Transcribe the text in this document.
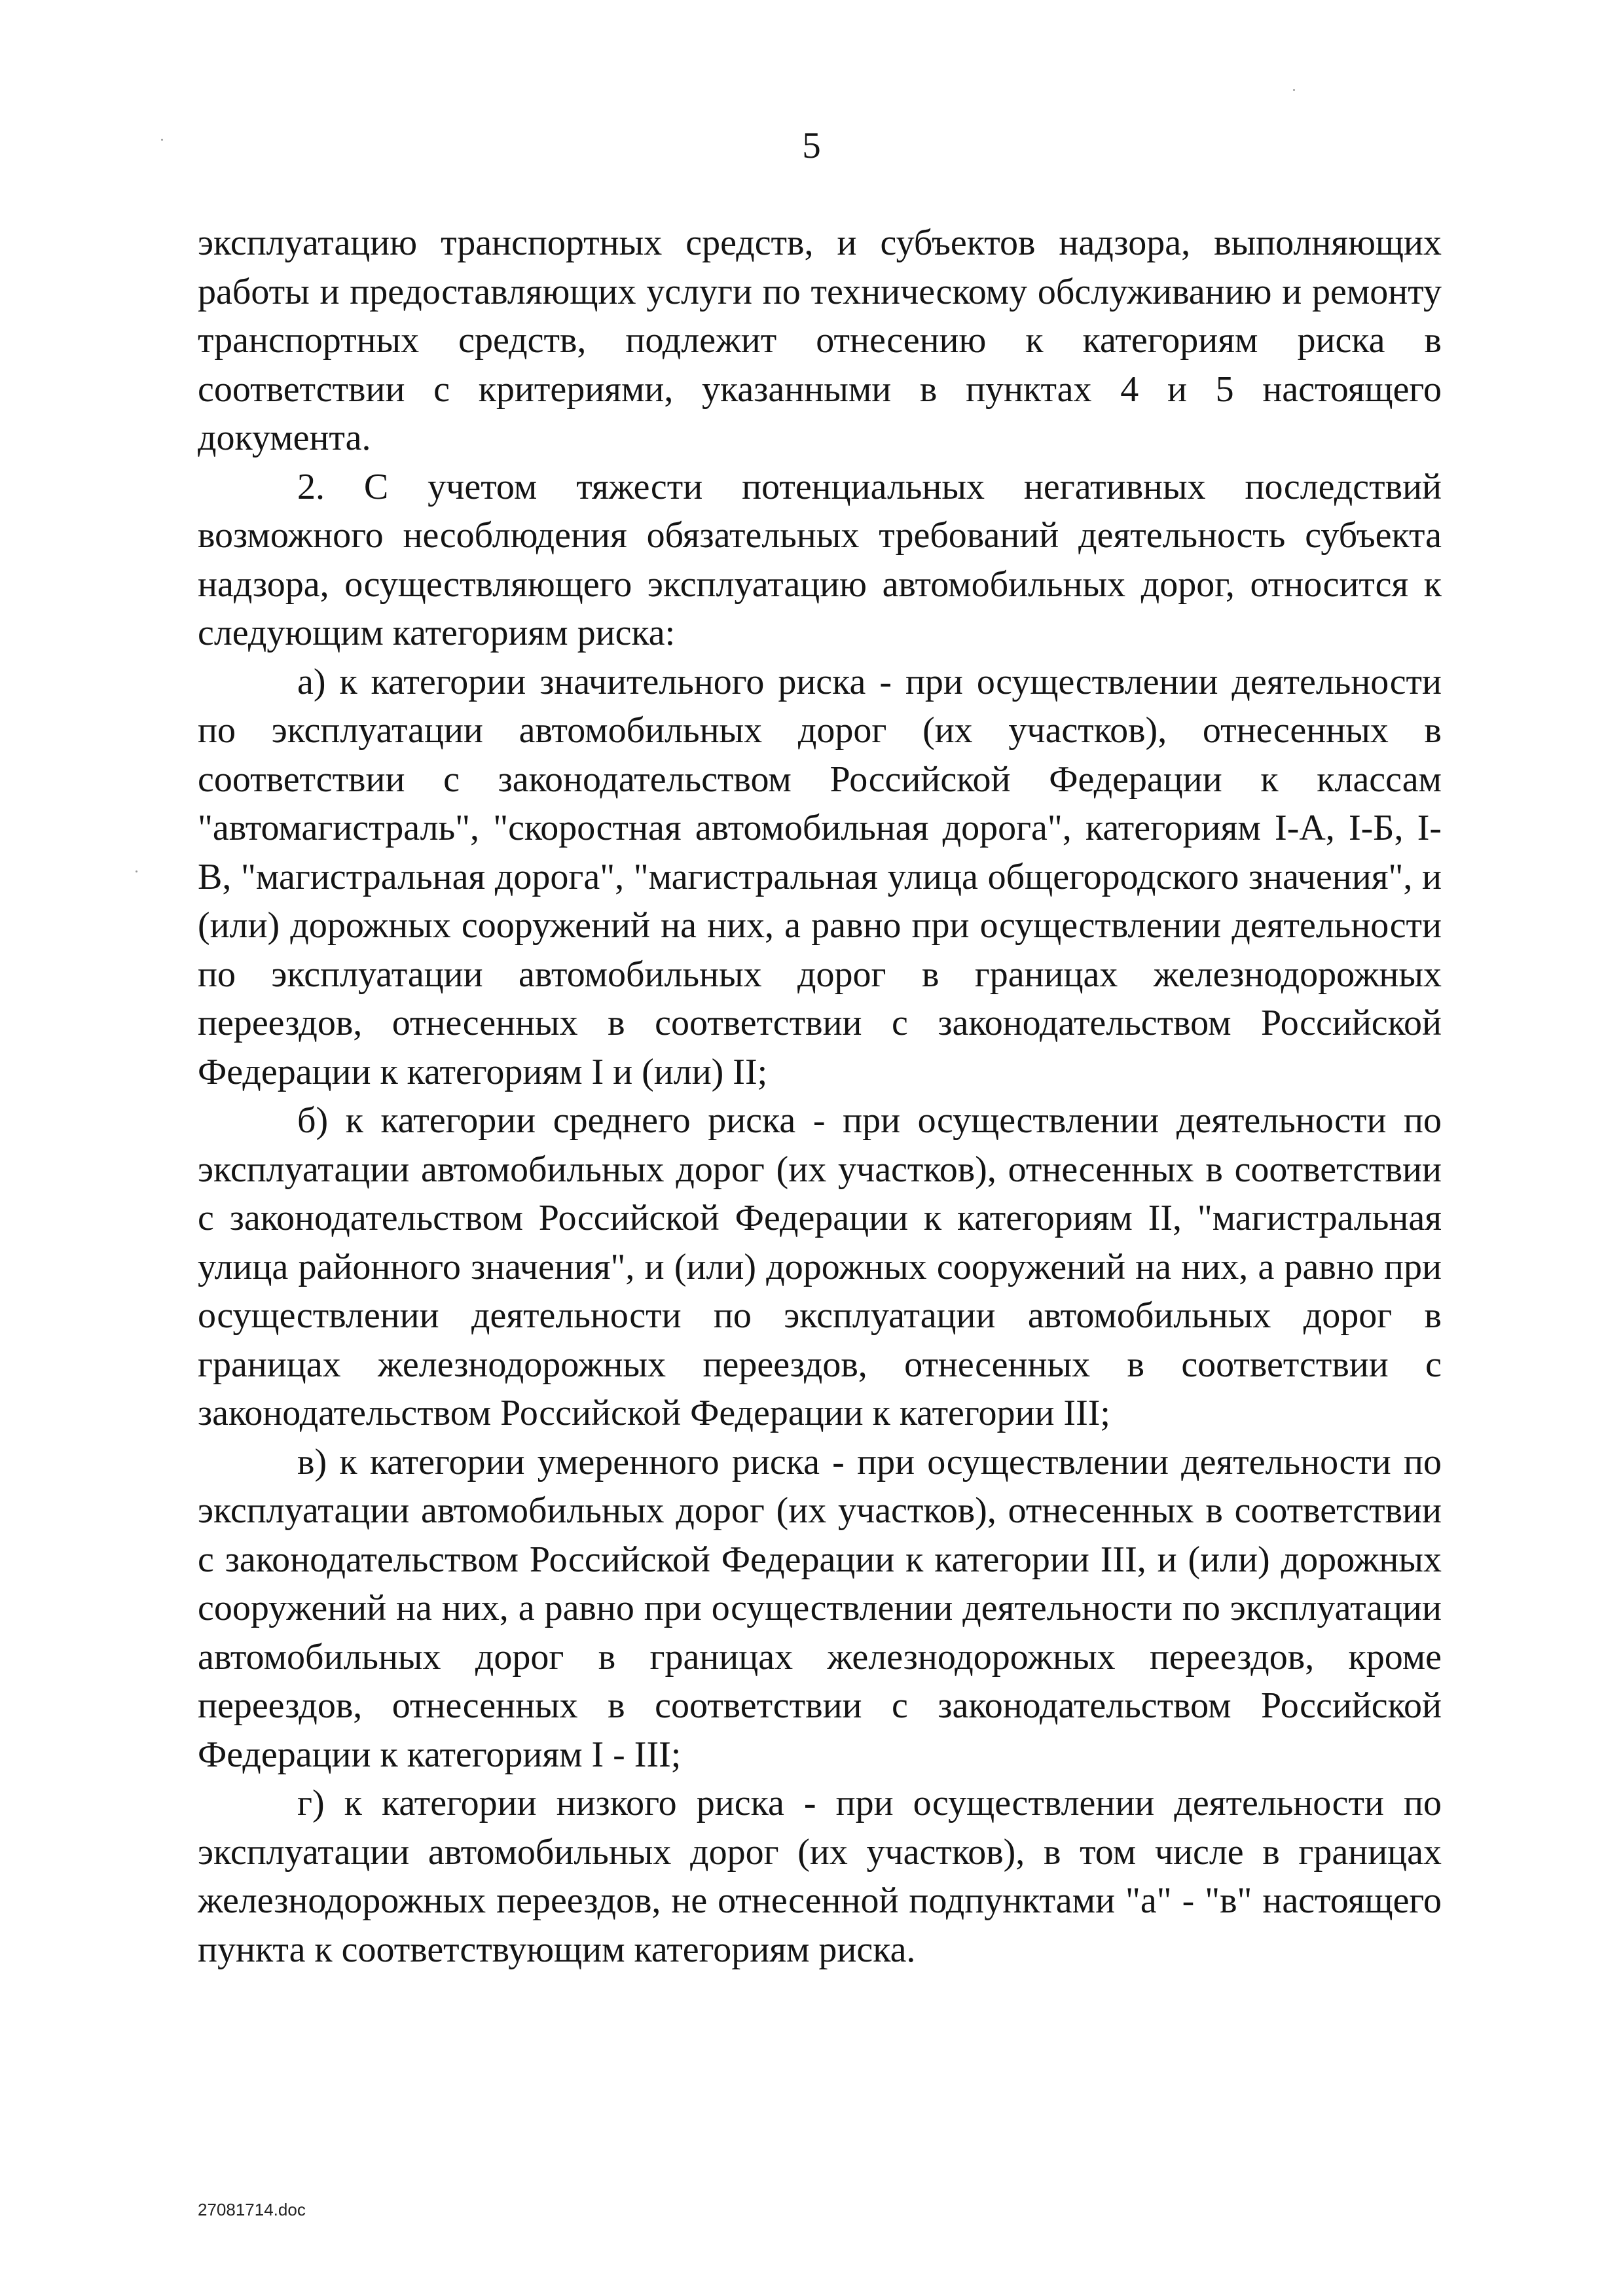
5

эксплуатацию транспортных средств, и субъектов надзора, выполняющих работы и предоставляющих услуги по техническому обслуживанию и ремонту транспортных средств, подлежит отнесению к категориям риска в соответствии с критериями, указанными в пунктах 4 и 5 настоящего документа.

2. С учетом тяжести потенциальных негативных последствий возможного несоблюдения обязательных требований деятельность субъекта надзора, осуществляющего эксплуатацию автомобильных дорог, относится к следующим категориям риска:

а) к категории значительного риска - при осуществлении деятельности по эксплуатации автомобильных дорог (их участков), отнесенных в соответствии с законодательством Российской Федерации к классам "автомагистраль", "скоростная автомобильная дорога", категориям I-А, I-Б, I-В, "магистральная дорога", "магистральная улица общегородского значения", и (или) дорожных сооружений на них, а равно при осуществлении деятельности по эксплуатации автомобильных дорог в границах железнодорожных переездов, отнесенных в соответствии с законодательством Российской Федерации к категориям I и (или) II;

б) к категории среднего риска - при осуществлении деятельности по эксплуатации автомобильных дорог (их участков), отнесенных в соответствии с законодательством Российской Федерации к категориям II, "магистральная улица районного значения", и (или) дорожных сооружений на них, а равно при осуществлении деятельности по эксплуатации автомобильных дорог в границах железнодорожных переездов, отнесенных в соответствии с законодательством Российской Федерации к категории III;

в) к категории умеренного риска - при осуществлении деятельности по эксплуатации автомобильных дорог (их участков), отнесенных в соответствии с законодательством Российской Федерации к категории III, и (или) дорожных сооружений на них, а равно при осуществлении деятельности по эксплуатации автомобильных дорог в границах железнодорожных переездов, кроме переездов, отнесенных в соответствии с законодательством Российской Федерации к категориям I - III;

г) к категории низкого риска - при осуществлении деятельности по эксплуатации автомобильных дорог (их участков), в том числе в границах железнодорожных переездов, не отнесенной подпунктами "а" - "в" настоящего пункта к соответствующим категориям риска.

27081714.doc
